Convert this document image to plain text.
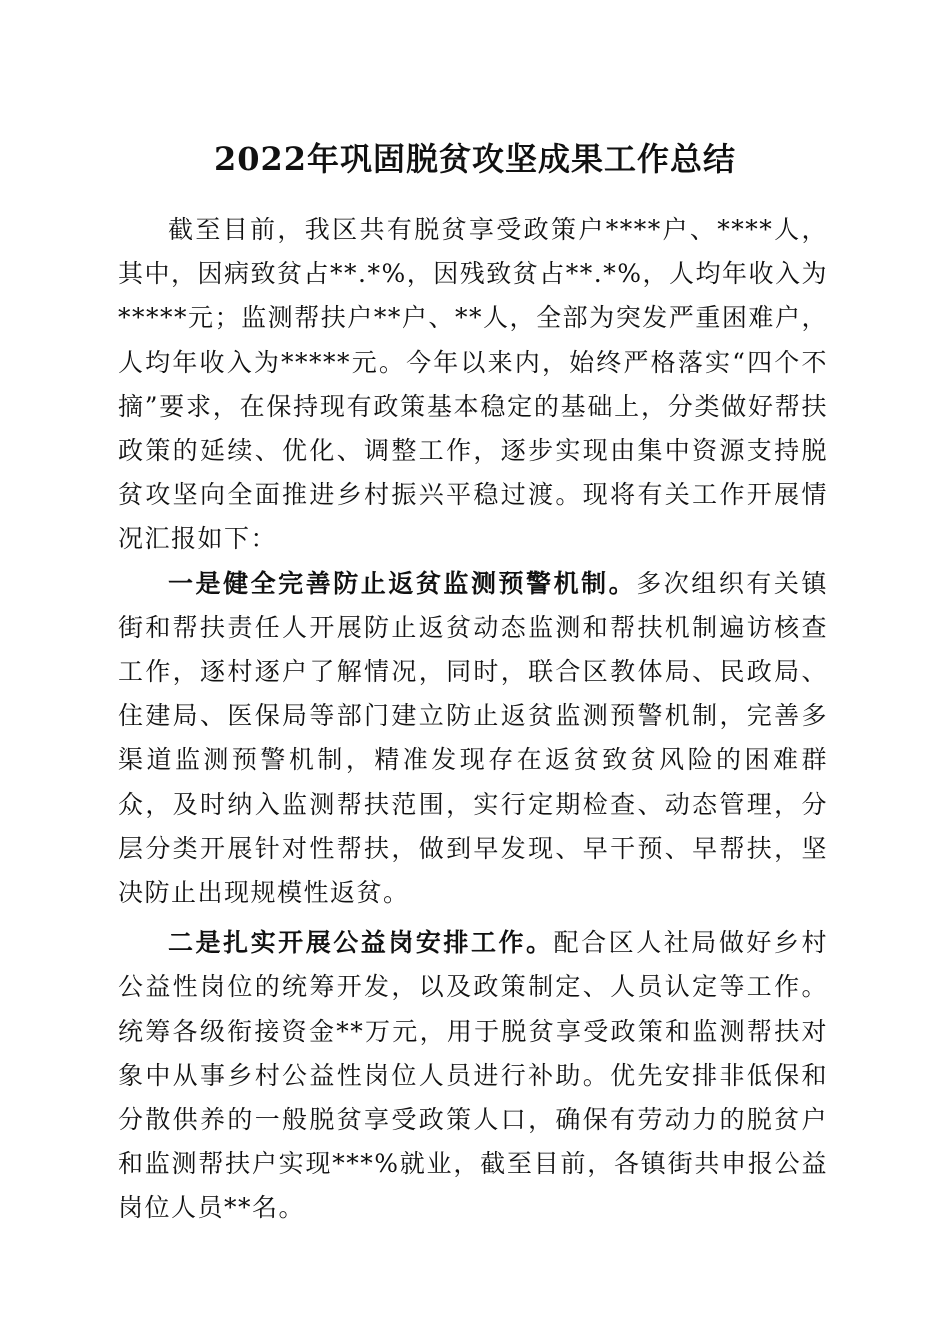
2022年巩固脱贫攻坚成果工作总结

截至目前，我区共有脱贫享受政策户****户、****人，其中，因病致贫占**.*%，因残致贫占**.*%，人均年收入为*****元；监测帮扶户**户、**人，全部为突发严重困难户，人均年收入为*****元。今年以来内，始终严格落实“四个不摘”要求，在保持现有政策基本稳定的基础上，分类做好帮扶政策的延续、优化、调整工作，逐步实现由集中资源支持脱贫攻坚向全面推进乡村振兴平稳过渡。现将有关工作开展情况汇报如下：

一是健全完善防止返贫监测预警机制。多次组织有关镇街和帮扶责任人开展防止返贫动态监测和帮扶机制遍访核查工作，逐村逐户了解情况，同时，联合区教体局、民政局、住建局、医保局等部门建立防止返贫监测预警机制，完善多渠道监测预警机制，精准发现存在返贫致贫风险的困难群众，及时纳入监测帮扶范围，实行定期检查、动态管理，分层分类开展针对性帮扶，做到早发现、早干预、早帮扶，坚决防止出现规模性返贫。

二是扎实开展公益岗安排工作。配合区人社局做好乡村公益性岗位的统筹开发，以及政策制定、人员认定等工作。统筹各级衔接资金**万元，用于脱贫享受政策和监测帮扶对象中从事乡村公益性岗位人员进行补助。优先安排非低保和分散供养的一般脱贫享受政策人口，确保有劳动力的脱贫户和监测帮扶户实现***%就业，截至目前，各镇街共申报公益岗位人员**名。
